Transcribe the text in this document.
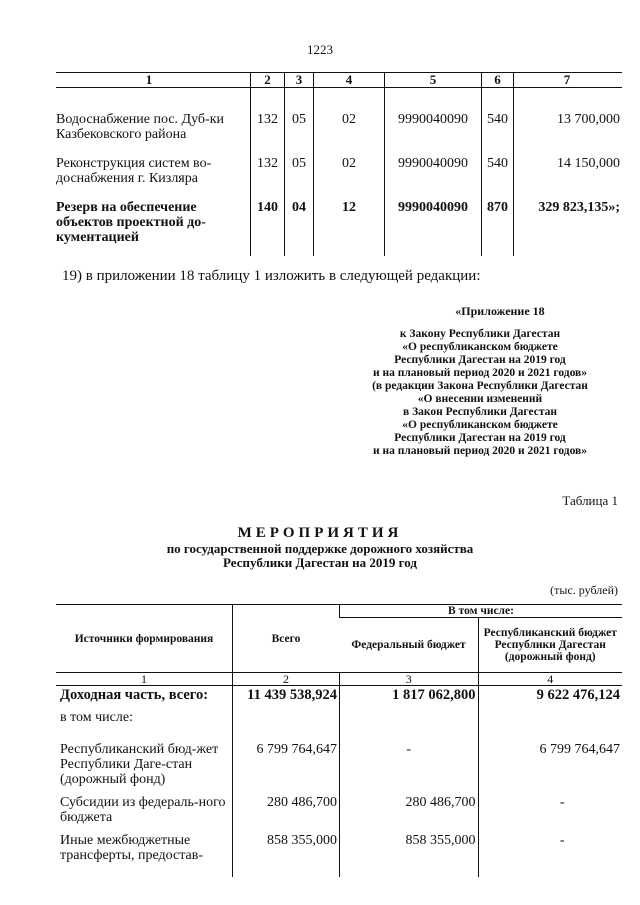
1223
1	2	3	4	5	6	7
Водоснабжение пос. Дуб-ки Казбековского района	132	05	02	9990040090	540	13 700,000
Реконструкция систем во-доснабжения г. Кизляра	132	05	02	9990040090	540	14 150,000
Резерв на обеспечение объектов проектной до-кументацией	140	04	12	9990040090	870	329 823,135»;
19) в приложении 18 таблицу 1 изложить в следующей редакции:
«Приложение 18
к Закону Республики Дагестан
«О республиканском бюджете
Республики Дагестан на 2019 год
и на плановый период 2020 и 2021 годов»
(в редакции Закона Республики Дагестан
«О внесении изменений
в Закон Республики Дагестан
«О республиканском бюджете
Республики Дагестан на 2019 год
и на плановый период 2020 и 2021 годов»
Таблица 1
МЕРОПРИЯТИЯ
по государственной поддержке дорожного хозяйства
Республики Дагестан на 2019 год
(тыс. рублей)
Источники формирования	Всего	В том числе:	
		Федеральный бюджет	Республиканский бюджет Республики Дагестан (дорожный фонд)
1	2	3	4
Доходная часть, всего:	11 439 538,924	1 817 062,800	9 622 476,124
в том числе:			
Республиканский бюд-жет Республики Даге-стан (дорожный фонд)	6 799 764,647	-	6 799 764,647
Субсидии из федераль-ного бюджета	280 486,700	280 486,700	-
Иные межбюджетные трансферты, предостав-	858 355,000	858 355,000	-
